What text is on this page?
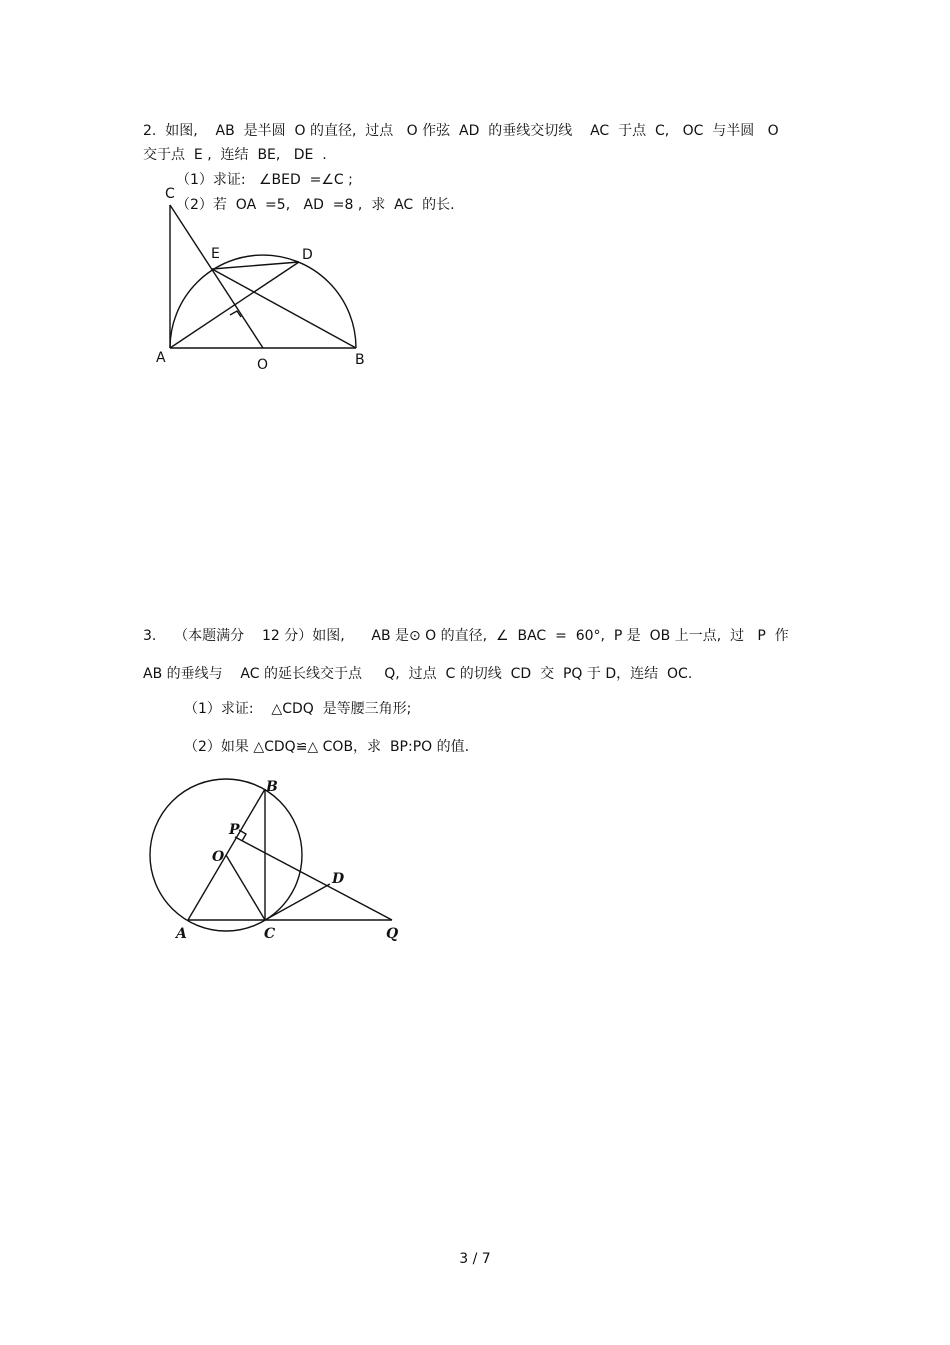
2.  如图,    AB  是半圆  O 的直径,  过点   O 作弦  AD  的垂线交切线    AC  于点  C,   OC  与半圆   O
交于点  E ,  连结  BE,   DE  .
（1）求证:   ∠BED  =∠C ;
（2）若  OA  =5,   AD  =8 ,  求  AC  的长.
C
E	D
A	O	B
B
P
O
D
A	C	Q
3.    （本题满分    12 分）如图,      AB 是⊙ O 的直径,  ∠  BAC  =  60°,  P 是  OB 上一点,  过   P  作
AB 的垂线与    AC 的延长线交于点     Q,  过点  C 的切线  CD  交  PQ 于 D，连结  OC.
（1）求证:    △CDQ  是等腰三角形;
（2）如果 △CDQ≌△ COB，求  BP:PO 的值.
3 / 7
